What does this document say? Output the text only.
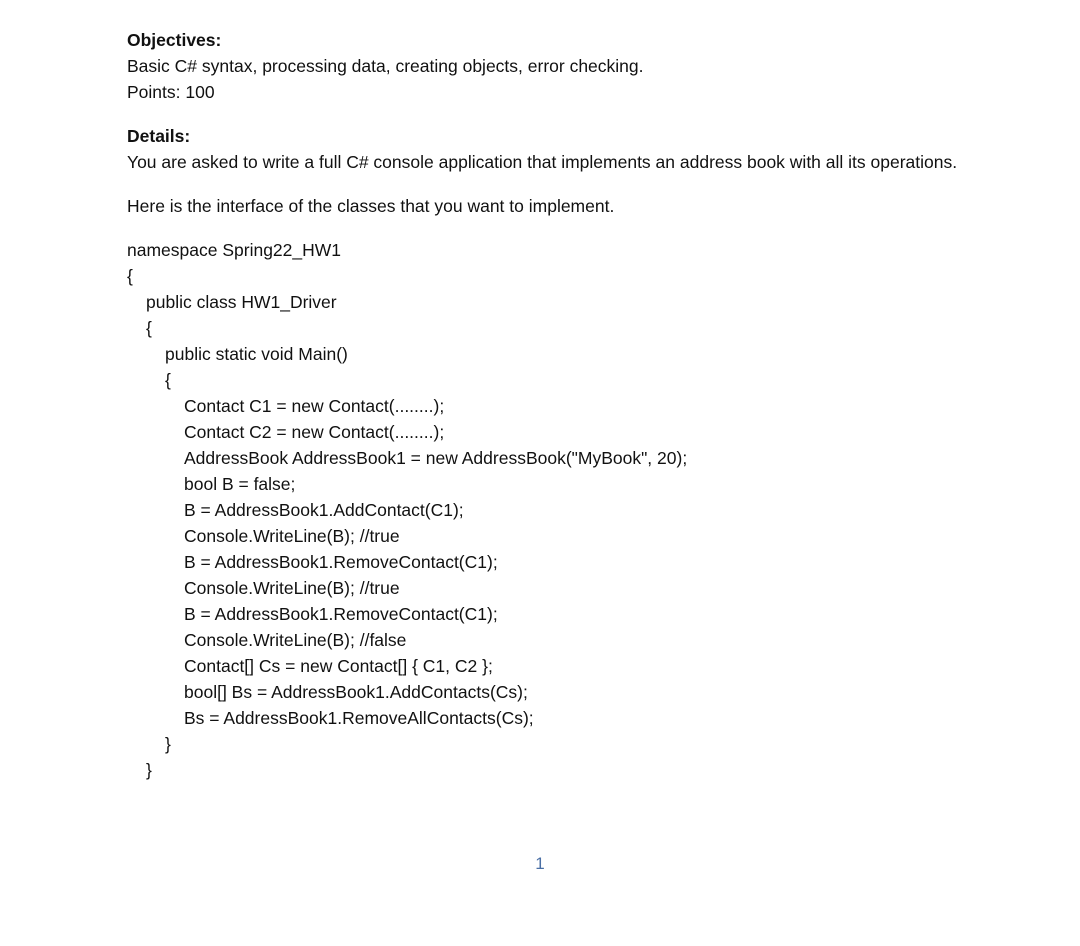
Objectives:
Basic C# syntax, processing data, creating objects, error checking.
Points: 100
Details:
You are asked to write a full C# console application that implements an address book with all its operations.
Here is the interface of the classes that you want to implement.
namespace Spring22_HW1
{
public class HW1_Driver
{
public static void Main()
{
Contact C1 = new Contact(........);
Contact C2 = new Contact(........);
AddressBook AddressBook1 = new AddressBook("MyBook", 20);
bool B = false;
B = AddressBook1.AddContact(C1);
Console.WriteLine(B); //true
B = AddressBook1.RemoveContact(C1);
Console.WriteLine(B); //true
B = AddressBook1.RemoveContact(C1);
Console.WriteLine(B); //false
Contact[] Cs = new Contact[] { C1, C2 };
bool[] Bs = AddressBook1.AddContacts(Cs);
Bs = AddressBook1.RemoveAllContacts(Cs);
}
}
1
